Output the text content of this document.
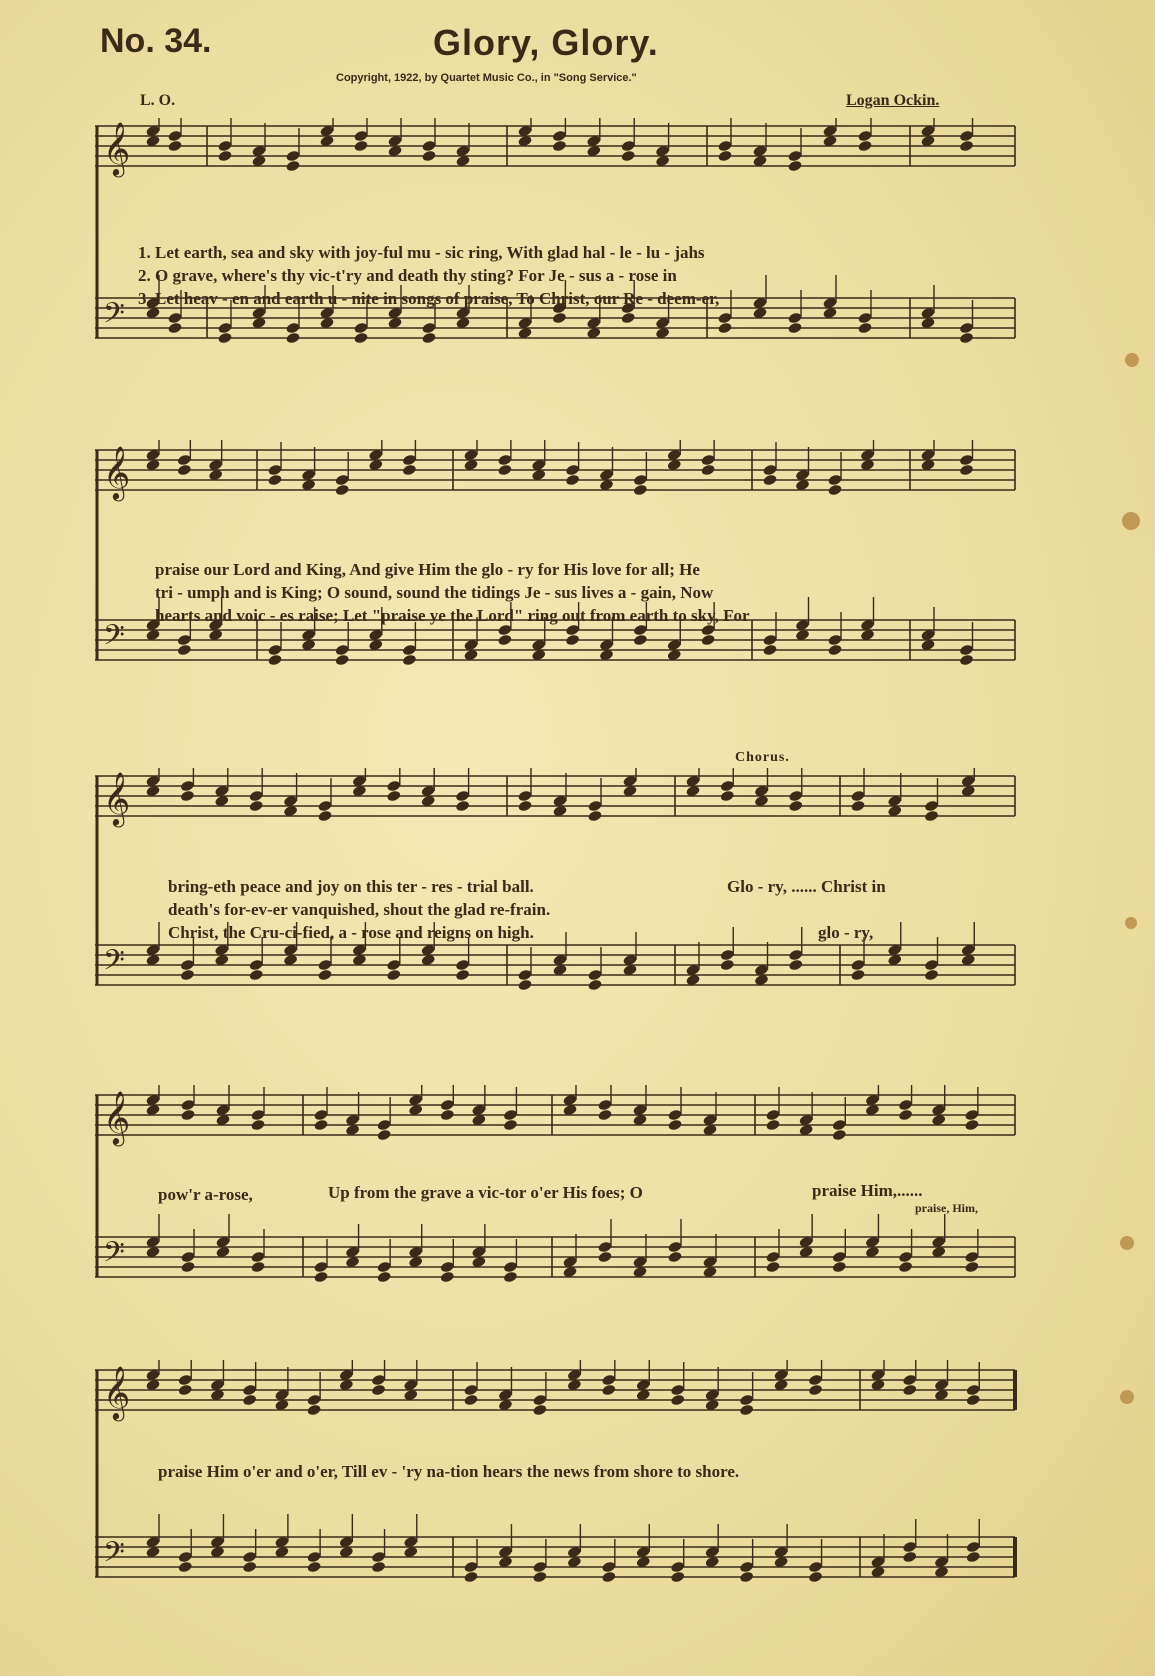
No. 34.	Glory, Glory.
Copyright, 1922, by Quartet Music Co., in "Song Service."
L. O.	Logan Ockin.
𝄞
𝄢
1. Let earth, sea and sky with joy-ful mu - sic ring, With glad hal - le - lu - jahs
2. O grave, where's thy vic-t'ry and death thy sting? For Je - sus a - rose in
3. Let heav - en and earth u - nite in songs of praise, To Christ, our Re - deem-er,
𝄞
𝄢
praise our Lord and King, And give Him the glo - ry for His love for all; He
tri - umph and is King; O sound, sound the tidings Je - sus lives a - gain, Now
hearts and voic - es raise; Let "praise ye the Lord" ring out from earth to sky, For
Chorus.
𝄞
𝄢
bring-eth peace and joy on this ter - res - trial ball.
death's for-ev-er vanquished, shout the glad re-frain.
Christ, the Cru-ci-fied, a - rose and reigns on high.
Glo - ry, ...... Christ in
glo - ry,
𝄞
𝄢
pow'r a-rose,	Up from the grave a vic-tor o'er His foes; O	praise Him,......
praise, Him,
𝄞
𝄢
praise Him o'er and o'er, Till ev - 'ry na-tion hears the news from shore to shore.
